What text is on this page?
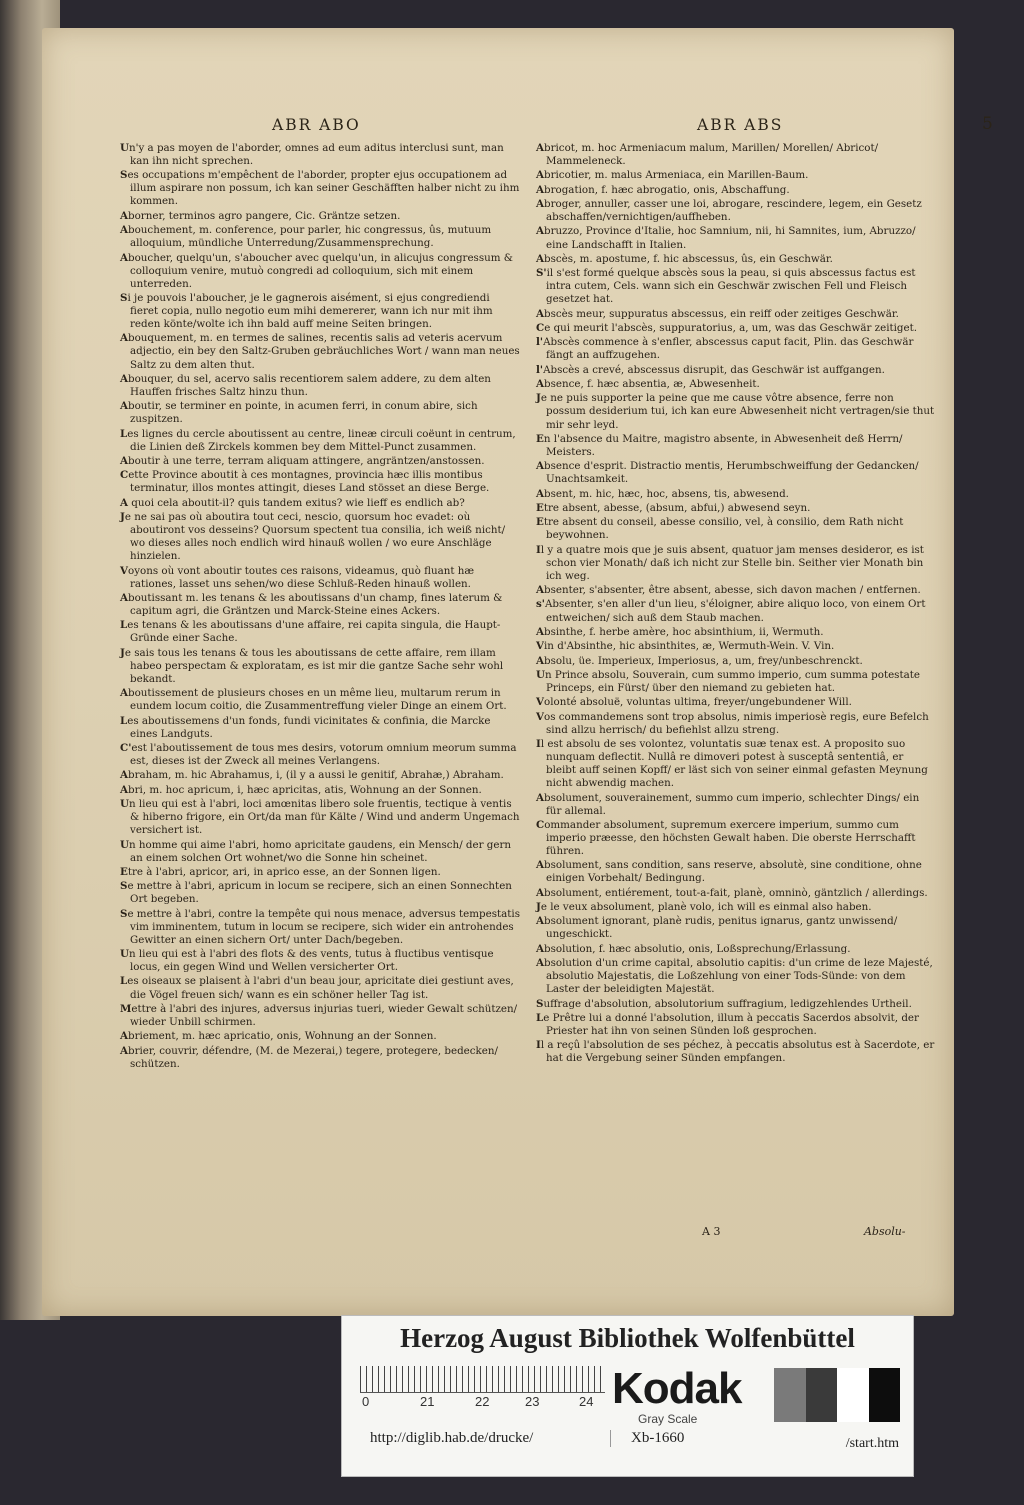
ABR ABO	ABR ABS	5

Un'y a pas moyen de l'aborder, omnes ad eum aditus interclusi sunt, man kan ihn nicht sprechen.

Ses occupations m'empêchent de l'aborder, propter ejus occupationem ad illum aspirare non possum, ich kan seiner Geschäfften halber nicht zu ihm kommen.

Aborner, terminos agro pangere, Cic. Gräntze setzen.

Abouchement, m. conference, pour parler, hic congressus, ûs, mutuum alloquium, mündliche Unterredung/Zusammensprechung.

Aboucher, quelqu'un, s'aboucher avec quelqu'un, in alicujus congressum & colloquium venire, mutuò congredi ad colloquium, sich mit einem unterreden.

Si je pouvois l'aboucher, je le gagnerois aisément, si ejus congrediendi fieret copia, nullo negotio eum mihi demererer, wann ich nur mit ihm reden könte/wolte ich ihn bald auff meine Seiten bringen.

Abouquement, m. en termes de salines, recentis salis ad veteris acervum adjectio, ein bey den Saltz-Gruben gebräuchliches Wort / wann man neues Saltz zu dem alten thut.

Abouquer, du sel, acervo salis recentiorem salem addere, zu dem alten Hauffen frisches Saltz hinzu thun.

Aboutir, se terminer en pointe, in acumen ferri, in conum abire, sich zuspitzen.

Les lignes du cercle aboutissent au centre, lineæ circuli coëunt in centrum, die Linien deß Zirckels kommen bey dem Mittel-Punct zusammen.

Aboutir à une terre, terram aliquam attingere, angräntzen/anstossen.

Cette Province aboutit à ces montagnes, provincia hæc illis montibus terminatur, illos montes attingit, dieses Land stösset an diese Berge.

A quoi cela aboutit-il? quis tandem exitus? wie lieff es endlich ab?

Je ne sai pas où aboutira tout ceci, nescio, quorsum hoc evadet: où aboutiront vos desseins? Quorsum spectent tua consilia, ich weiß nicht/ wo dieses alles noch endlich wird hinauß wollen / wo eure Anschläge hinzielen.

Voyons où vont aboutir toutes ces raisons, videamus, quò fluant hæ rationes, lasset uns sehen/wo diese Schluß-Reden hinauß wollen.

Aboutissant m. les tenans & les aboutissans d'un champ, fines laterum & capitum agri, die Gräntzen und Marck-Steine eines Ackers.

Les tenans & les aboutissans d'une affaire, rei capita singula, die Haupt-Gründe einer Sache.

Je sais tous les tenans & tous les aboutissans de cette affaire, rem illam habeo perspectam & exploratam, es ist mir die gantze Sache sehr wohl bekandt.

Aboutissement de plusieurs choses en un même lieu, multarum rerum in eundem locum coitio, die Zusammentreffung vieler Dinge an einem Ort.

Les aboutissemens d'un fonds, fundi vicinitates & confinia, die Marcke eines Landguts.

C'est l'aboutissement de tous mes desirs, votorum omnium meorum summa est, dieses ist der Zweck all meines Verlangens.

Abraham, m. hic Abrahamus, i, (il y a aussi le genitif, Abrahæ,) Abraham.

Abri, m. hoc apricum, i, hæc apricitas, atis, Wohnung an der Sonnen.

Un lieu qui est à l'abri, loci amœnitas libero sole fruentis, tectique à ventis & hiberno frigore, ein Ort/da man für Kälte / Wind und anderm Ungemach versichert ist.

Un homme qui aime l'abri, homo apricitate gaudens, ein Mensch/ der gern an einem solchen Ort wohnet/wo die Sonne hin scheinet.

Etre à l'abri, apricor, ari, in aprico esse, an der Sonnen ligen.

Se mettre à l'abri, apricum in locum se recipere, sich an einen Sonnechten Ort begeben.

Se mettre à l'abri, contre la tempête qui nous menace, adversus tempestatis vim imminentem, tutum in locum se recipere, sich wider ein antrohendes Gewitter an einen sichern Ort/ unter Dach/begeben.

Un lieu qui est à l'abri des flots & des vents, tutus à fluctibus ventisque locus, ein gegen Wind und Wellen versicherter Ort.

Les oiseaux se plaisent à l'abri d'un beau jour, apricitate diei gestiunt aves, die Vögel freuen sich/ wann es ein schöner heller Tag ist.

Mettre à l'abri des injures, adversus injurias tueri, wieder Gewalt schützen/ wieder Unbill schirmen.

Abriement, m. hæc apricatio, onis, Wohnung an der Sonnen.

Abrier, couvrir, défendre, (M. de Mezerai,) tegere, protegere, bedecken/ schützen.

Abricot, m. hoc Armeniacum malum, Marillen/ Morellen/ Abricot/ Mammeleneck.

Abricotier, m. malus Armeniaca, ein Marillen-Baum.

Abrogation, f. hæc abrogatio, onis, Abschaffung.

Abroger, annuller, casser une loi, abrogare, rescindere, legem, ein Gesetz abschaffen/vernichtigen/auffheben.

Abruzzo, Province d'Italie, hoc Samnium, nii, hi Samnites, ium, Abruzzo/ eine Landschafft in Italien.

Abscès, m. apostume, f. hic abscessus, ûs, ein Geschwär.

S'il s'est formé quelque abscès sous la peau, si quis abscessus factus est intra cutem, Cels. wann sich ein Geschwär zwischen Fell und Fleisch gesetzet hat.

Abscès meur, suppuratus abscessus, ein reiff oder zeitiges Geschwär.

Ce qui meurit l'abscès, suppuratorius, a, um, was das Geschwär zeitiget.

l'Abscès commence à s'enfler, abscessus caput facit, Plin. das Geschwär fängt an auffzugehen.

l'Abscès a crevé, abscessus disrupit, das Geschwär ist auffgangen.

Absence, f. hæc absentia, æ, Abwesenheit.

Je ne puis supporter la peine que me cause vôtre absence, ferre non possum desiderium tui, ich kan eure Abwesenheit nicht vertragen/sie thut mir sehr leyd.

En l'absence du Maitre, magistro absente, in Abwesenheit deß Herrn/ Meisters.

Absence d'esprit. Distractio mentis, Herumbschweiffung der Gedancken/ Unachtsamkeit.

Absent, m. hic, hæc, hoc, absens, tis, abwesend.

Etre absent, abesse, (absum, abfui,) abwesend seyn.

Etre absent du conseil, abesse consilio, vel, à consilio, dem Rath nicht beywohnen.

Il y a quatre mois que je suis absent, quatuor jam menses desideror, es ist schon vier Monath/ daß ich nicht zur Stelle bin. Seither vier Monath bin ich weg.

Absenter, s'absenter, être absent, abesse, sich davon machen / entfernen.

s'Absenter, s'en aller d'un lieu, s'éloigner, abire aliquo loco, von einem Ort entweichen/ sich auß dem Staub machen.

Absinthe, f. herbe amère, hoc absinthium, ii, Wermuth.

Vin d'Absinthe, hic absinthites, æ, Wermuth-Wein. V. Vin.

Absolu, üe. Imperieux, Imperiosus, a, um, frey/unbeschrenckt.

Un Prince absolu, Souverain, cum summo imperio, cum summa potestate Princeps, ein Fürst/ über den niemand zu gebieten hat.

Volonté absoluë, voluntas ultima, freyer/ungebundener Will.

Vos commandemens sont trop absolus, nimis imperiosè regis, eure Befelch sind allzu herrisch/ du befiehlst allzu streng.

Il est absolu de ses volontez, voluntatis suæ tenax est. A proposito suo nunquam deflectit. Nullâ re dimoveri potest à susceptâ sententiâ, er bleibt auff seinen Kopff/ er läst sich von seiner einmal gefasten Meynung nicht abwendig machen.

Absolument, souverainement, summo cum imperio, schlechter Dings/ ein für allemal.

Commander absolument, supremum exercere imperium, summo cum imperio præesse, den höchsten Gewalt haben. Die oberste Herrschafft führen.

Absolument, sans condition, sans reserve, absolutè, sine conditione, ohne einigen Vorbehalt/ Bedingung.

Absolument, entiérement, tout-a-fait, planè, omninò, gäntzlich / allerdings.

Je le veux absolument, planè volo, ich will es einmal also haben.

Absolument ignorant, planè rudis, penitus ignarus, gantz unwissend/ ungeschickt.

Absolution, f. hæc absolutio, onis, Loßsprechung/Erlassung.

Absolution d'un crime capital, absolutio capitis: d'un crime de leze Majesté, absolutio Majestatis, die Loßzehlung von einer Tods-Sünde: von dem Laster der beleidigten Majestät.

Suffrage d'absolution, absolutorium suffragium, ledigzehlendes Urtheil.

Le Prêtre lui a donné l'absolution, illum à peccatis Sacerdos absolvit, der Priester hat ihn von seinen Sünden loß gesprochen.

Il a reçû l'absolution de ses péchez, à peccatis absolutus est à Sacerdote, er hat die Vergebung seiner Sünden empfangen.

A 3	Absolu-
Herzog August Bibliothek Wolfenbüttel
0	21	22	23	24 Kodak
Gray Scale
http://diglib.hab.de/drucke/	Xb-1660	/start.htm
